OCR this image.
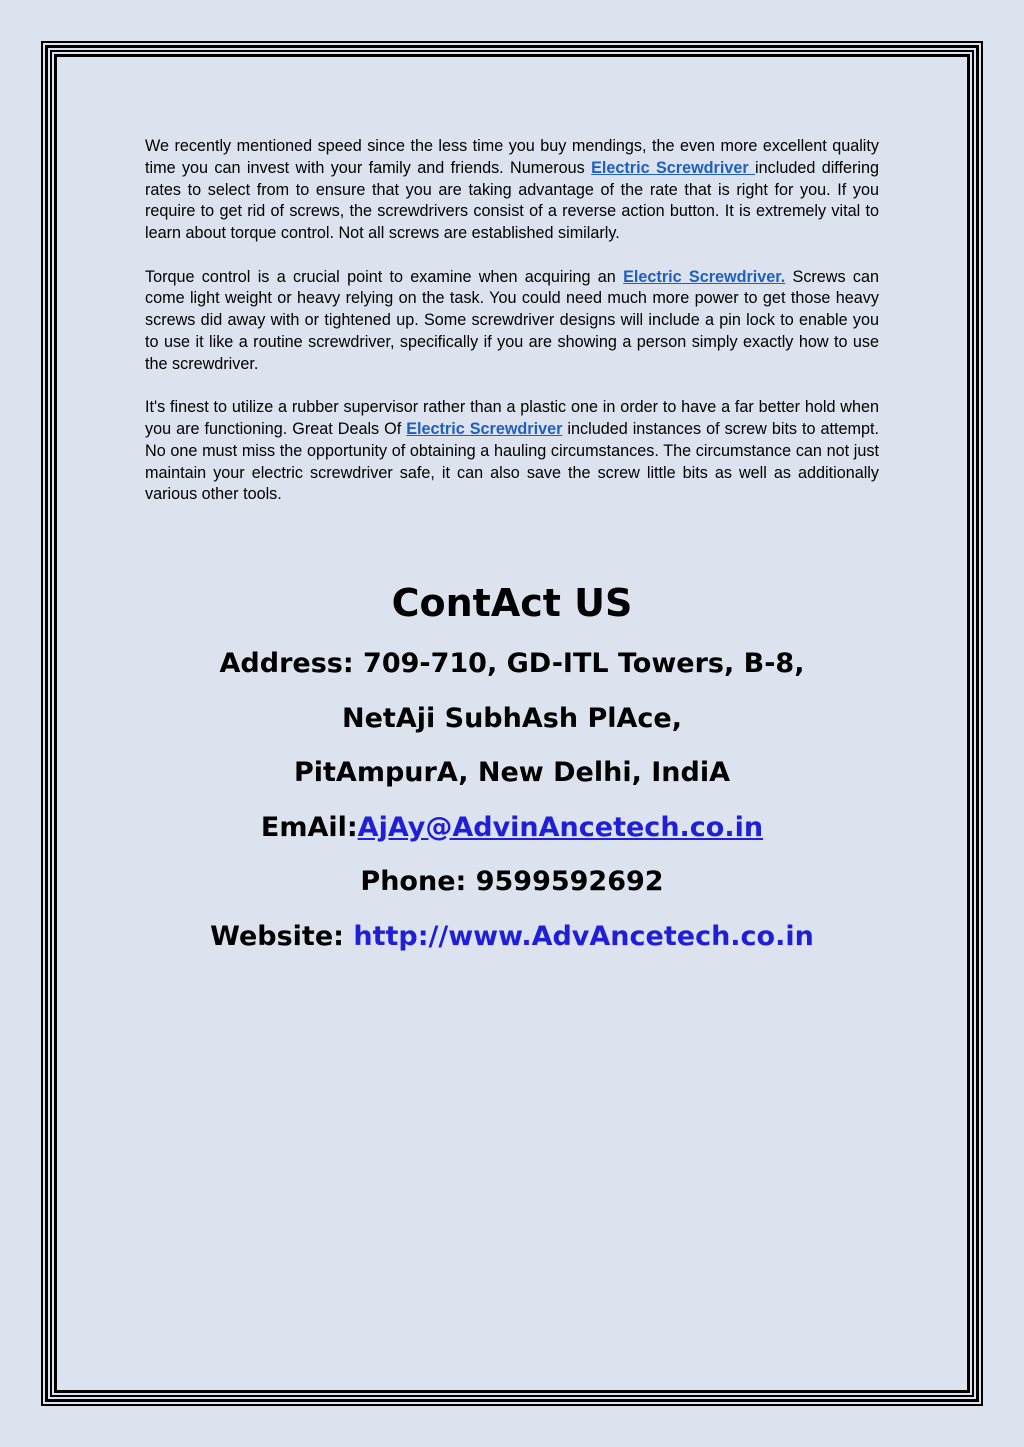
We recently mentioned speed since the less time you buy mendings, the even more excellent quality time you can invest with your family and friends. Numerous Electric Screwdriver included differing rates to select from to ensure that you are taking advantage of the rate that is right for you. If you require to get rid of screws, the screwdrivers consist of a reverse action button. It is extremely vital to learn about torque control. Not all screws are established similarly.

Torque control is a crucial point to examine when acquiring an Electric Screwdriver. Screws can come light weight or heavy relying on the task. You could need much more power to get those heavy screws did away with or tightened up. Some screwdriver designs will include a pin lock to enable you to use it like a routine screwdriver, specifically if you are showing a person simply exactly how to use the screwdriver.

It's finest to utilize a rubber supervisor rather than a plastic one in order to have a far better hold when you are functioning. Great Deals Of Electric Screwdriver included instances of screw bits to attempt. No one must miss the opportunity of obtaining a hauling circumstances. The circumstance can not just maintain your electric screwdriver safe, it can also save the screw little bits as well as additionally various other tools.

ContAct US
Address: 709-710, GD-ITL Towers, B-8,
NetAji SubhAsh PlAce,
PitAmpurA, New Delhi, IndiA
EmAil:AjAy@AdvinAncetech.co.in
Phone: 9599592692
Website: http://www.AdvAncetech.co.in
